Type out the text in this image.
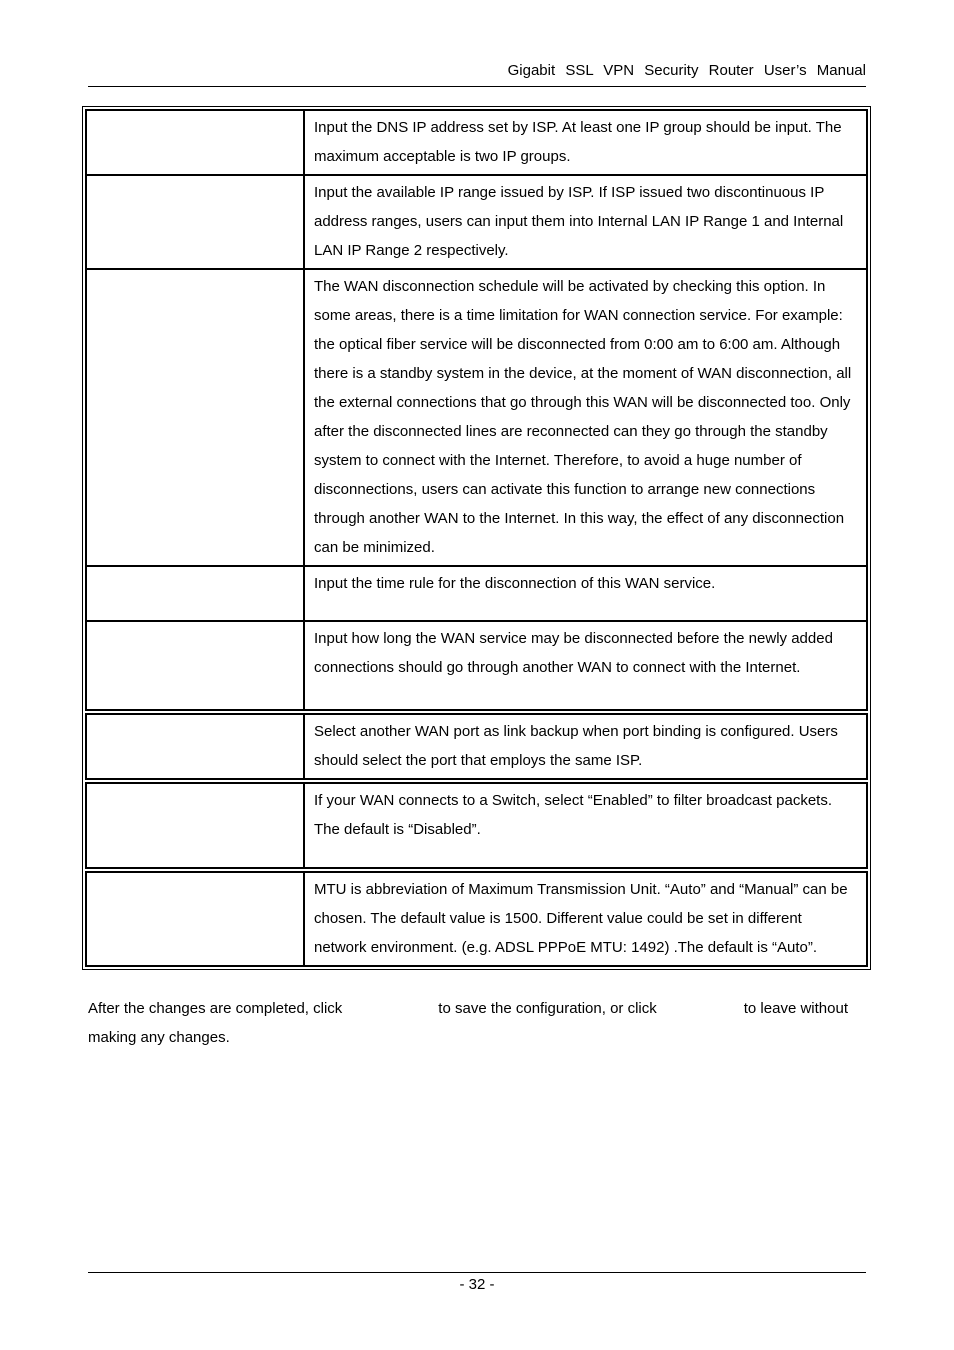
Gigabit SSL VPN Security Router User’s Manual
	Input the DNS IP address set by ISP. At least one IP group should be input. The maximum acceptable is two IP groups.
	Input the available IP range issued by ISP. If ISP issued two discontinuous IP address ranges, users can input them into Internal LAN IP Range 1 and Internal LAN IP Range 2 respectively.
	The WAN disconnection schedule will be activated by checking this option. In some areas, there is a time limitation for WAN connection service. For example: the optical fiber service will be disconnected from 0:00 am to 6:00 am. Although there is a standby system in the device, at the moment of WAN disconnection, all the external connections that go through this WAN will be disconnected too. Only after the disconnected lines are reconnected can they go through the standby system to connect with the Internet. Therefore, to avoid a huge number of disconnections, users can activate this function to arrange new connections through another WAN to the Internet. In this way, the effect of any disconnection can be minimized.
	Input the time rule for the disconnection of this WAN service.
	Input how long the WAN service may be disconnected before the newly added connections should go through another WAN to connect with the Internet.
	Select another WAN port as link backup when port binding is configured. Users should select the port that employs the same ISP.
	If your WAN connects to a Switch, select “Enabled” to filter broadcast packets. The default is “Disabled”.
	MTU is abbreviation of Maximum Transmission Unit. “Auto” and “Manual” can be chosen. The default value is 1500. Different value could be set in different network environment. (e.g. ADSL PPPoE MTU: 1492) .The default is “Auto”.
After the changes are completed, click	to save the configuration, or click	to leave without
making any changes.
- 32 -
